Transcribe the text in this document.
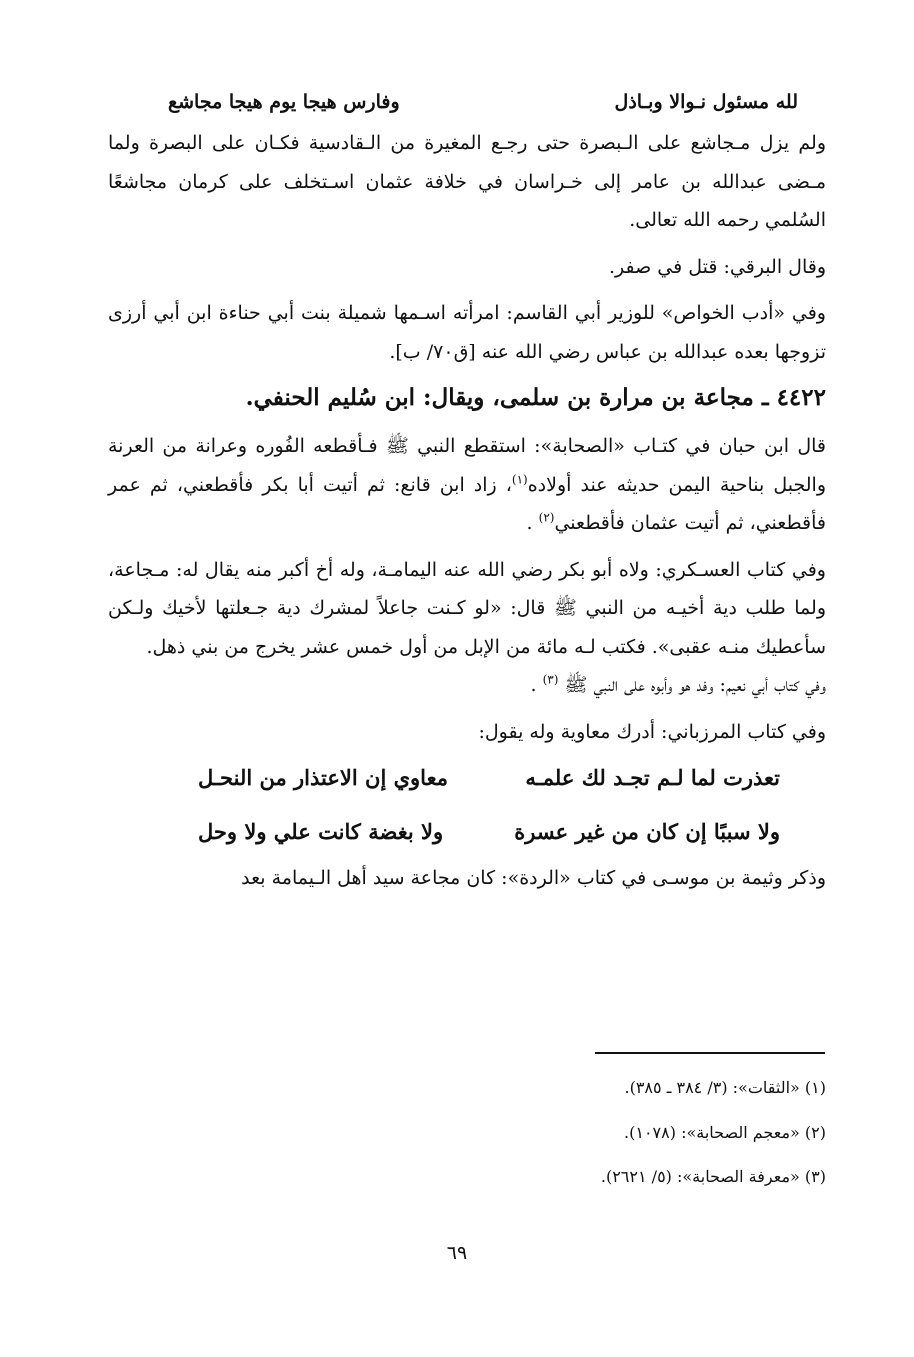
لله مسئول نـوالا وبـاذل
وفارس هيجا يوم هيجا مجاشع

ولم يزل مـجاشع على الـبصرة حتى رجـع المغيرة من الـقادسية فكـان على البصرة ولما مـضى عبدالله بن عامر إلى خـراسان في خلافة عثمان اسـتخلف على كرمان مجاشعًا السُلمي رحمه الله تعالى.

وقال البرقي: قتل في صفر.

وفي «أدب الخواص» للوزير أبي القاسم: امرأته اسـمها شميلة بنت أبي حناءة ابن أبي أرزى تزوجها بعده عبدالله بن عباس رضي الله عنه [ق٧٠/ ب].

٤٤٢٢ ـ مجاعة بن مرارة بن سلمى، ويقال: ابن سُليم الحنفي.

قال ابن حبان في كتـاب «الصحابة»: استقطع النبي ﷺ فـأقطعه الفُوره وعرانة من العرنة والجبل بناحية اليمن حديثه عند أولاده$^{(١)}$، زاد ابن قانع: ثم أتيت أبا بكر فأقطعني، ثم عمر فأقطعني، ثم أتيت عثمان فأقطعني$^{(٢)}$ .

وفي كتاب العسـكري: ولاه أبو بكر رضي الله عنه اليمامـة، وله أخ أكبر منه يقال له: مـجاعة، ولما طلب دية أخيـه من النبي ﷺ قال: «لو كـنت جاعلاً لمشرك دية جـعلتها لأخيك ولـكن سأعطيك منـه عقبى». فكتب لـه مائة من الإبل من أول خمس عشر يخرج من بني ذهل.

وفي كتاب أبي نعيم: وفد هو وأبوه على النبي ﷺ $^{(٣)}$ .

وفي كتاب المرزباني: أدرك معاوية وله يقول:

تعذرت لما لـم تجـد لك علمـه
معاوي إن الاعتذار من النحـل
ولا سببًا إن كان من غير عسرة
ولا بغضة كانت علي ولا وحل

وذكر وثيمة بن موسـى في كتاب «الردة»: كان مجاعة سيد أهل الـيمامة بعد

(١) «الثقات»: (٣/ ٣٨٤ ـ ٣٨٥).
(٢) «معجم الصحابة»: (١٠٧٨).
(٣) «معرفة الصحابة»: (٥/ ٢٦٢١).
٦٩
